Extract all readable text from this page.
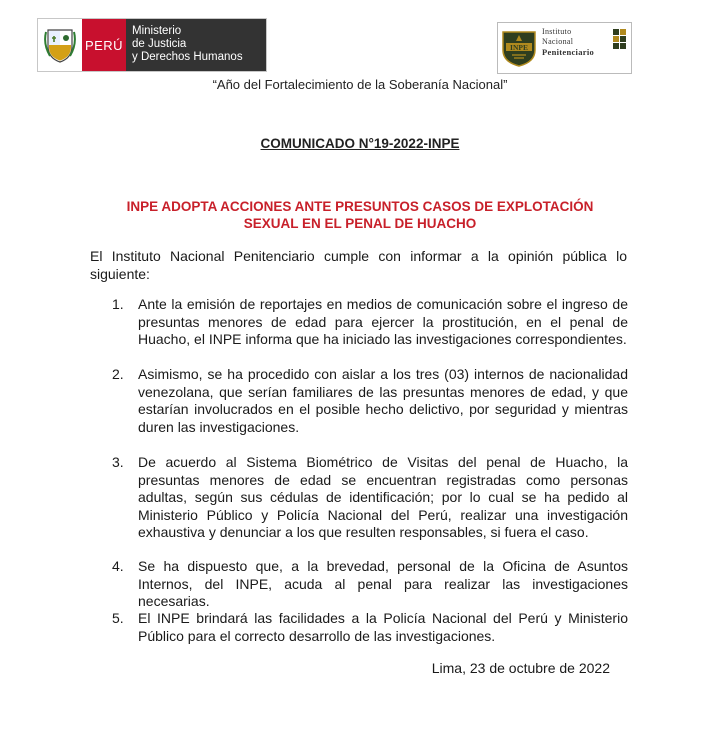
PERÚ
Ministerio
de Justicia
y Derechos Humanos
INPE
Instituto
Nacional
Penitenciario
“Año del Fortalecimiento de la Soberanía Nacional”
COMUNICADO N°19-2022-INPE
INPE ADOPTA ACCIONES ANTE PRESUNTOS CASOS DE EXPLOTACIÓN
SEXUAL EN EL PENAL DE HUACHO
El Instituto Nacional Penitenciario cumple con informar a la opinión pública lo siguiente:
1.	Ante la emisión de reportajes en medios de comunicación sobre el ingreso de presuntas menores de edad para ejercer la prostitución, en el penal de Huacho, el INPE informa que ha iniciado las investigaciones correspondientes.
2.	Asimismo, se ha procedido con aislar a los tres (03) internos de nacionalidad venezolana, que serían familiares de las presuntas menores de edad, y que estarían involucrados en el posible hecho delictivo, por seguridad y mientras duren las investigaciones.
3.	De acuerdo al Sistema Biométrico de Visitas del penal de Huacho, la presuntas menores de edad se encuentran registradas como personas adultas, según sus cédulas de identificación; por lo cual se ha pedido al Ministerio Público y Policía Nacional del Perú, realizar una investigación exhaustiva y denunciar a los que resulten responsables, si fuera el caso.
4.	Se ha dispuesto que, a la brevedad, personal de la Oficina de Asuntos Internos, del INPE, acuda al penal para realizar las investigaciones necesarias.
5.	El INPE brindará las facilidades a la Policía Nacional del Perú y Ministerio Público para el correcto desarrollo de las investigaciones.
Lima, 23 de octubre de 2022
